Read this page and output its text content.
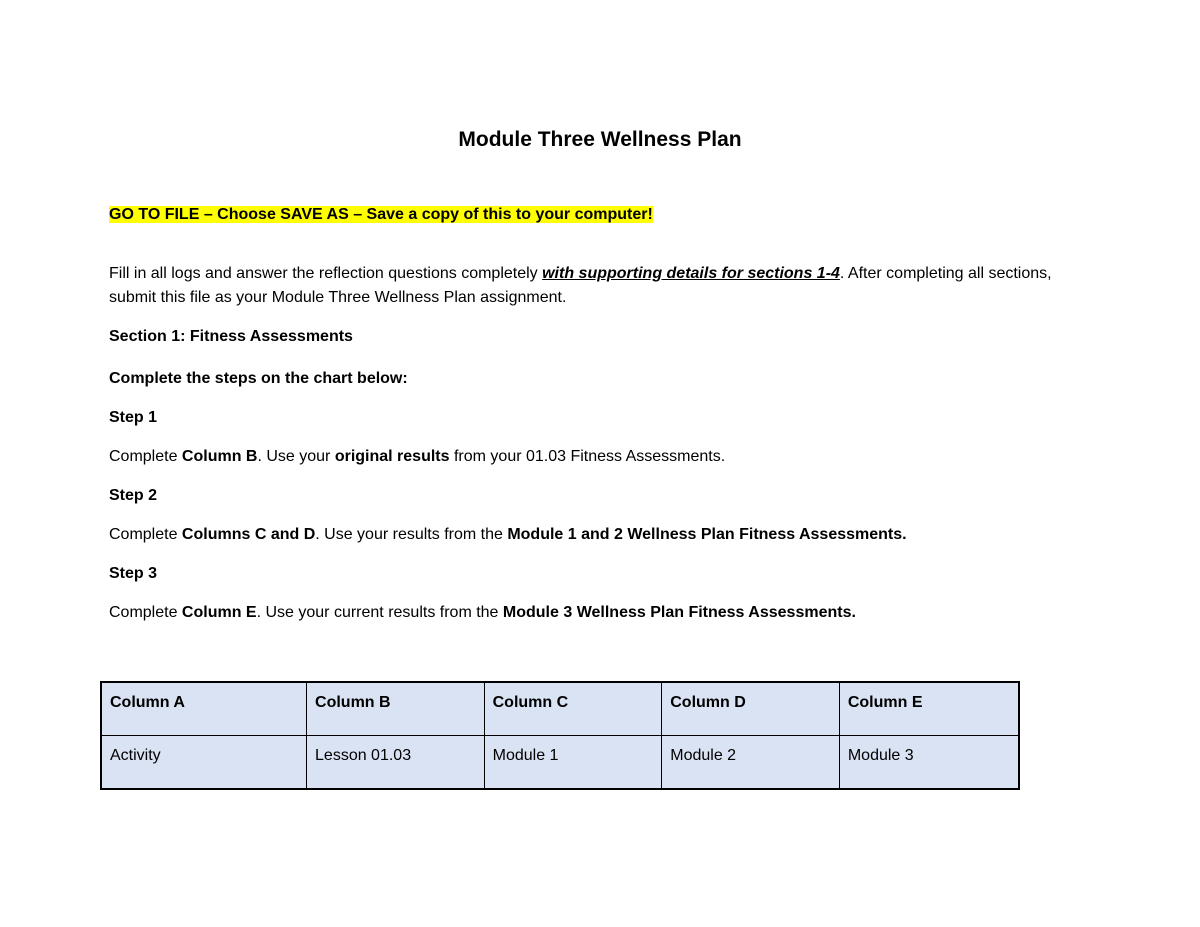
Module Three Wellness Plan

GO TO FILE – Choose SAVE AS – Save a copy of this to your computer!

Fill in all logs and answer the reflection questions completely with supporting details for sections 1-4. After completing all sections, submit this file as your Module Three Wellness Plan assignment.

Section 1: Fitness Assessments

Complete the steps on the chart below:

Step 1

Complete Column B. Use your original results from your 01.03 Fitness Assessments.

Step 2

Complete Columns C and D. Use your results from the Module 1 and 2 Wellness Plan Fitness Assessments.

Step 3

Complete Column E. Use your current results from the Module 3 Wellness Plan Fitness Assessments.

Column A	Column B	Column C	Column D	Column E
Activity	Lesson 01.03	Module 1	Module 2	Module 3
